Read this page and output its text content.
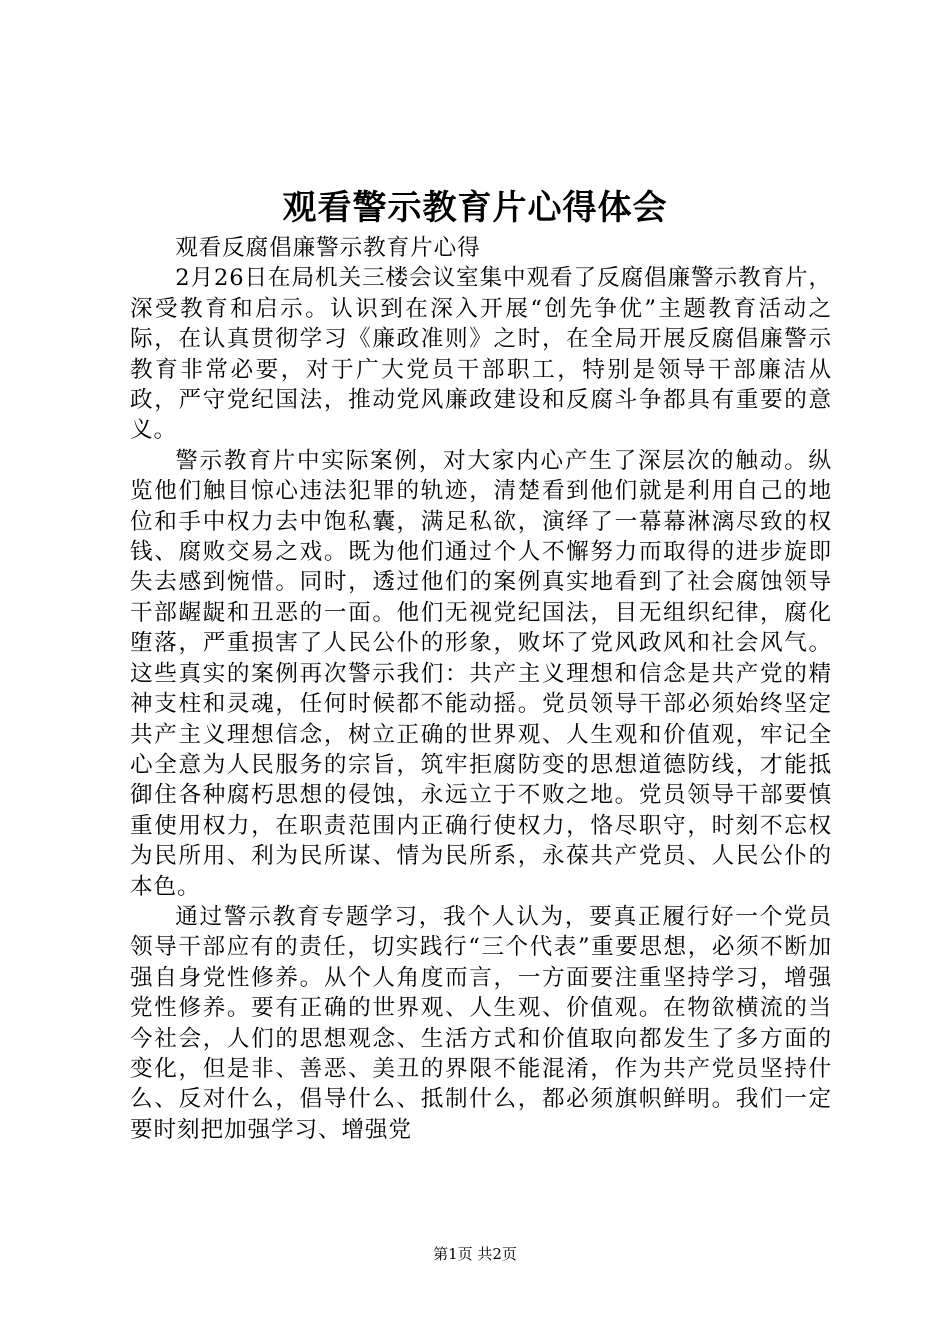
观看警示教育片心得体会

观看反腐倡廉警示教育片心得

2月26日在局机关三楼会议室集中观看了反腐倡廉警示教育片，深受教育和启示。认识到在深入开展“创先争优”主题教育活动之际，在认真贯彻学习《廉政准则》之时，在全局开展反腐倡廉警示教育非常必要，对于广大党员干部职工，特别是领导干部廉洁从政，严守党纪国法，推动党风廉政建设和反腐斗争都具有重要的意义。

警示教育片中实际案例，对大家内心产生了深层次的触动。纵览他们触目惊心违法犯罪的轨迹，清楚看到他们就是利用自己的地位和手中权力去中饱私囊，满足私欲，演绎了一幕幕淋漓尽致的权钱、腐败交易之戏。既为他们通过个人不懈努力而取得的进步旋即失去感到惋惜。同时，透过他们的案例真实地看到了社会腐蚀领导干部龌龊和丑恶的一面。他们无视党纪国法，目无组织纪律，腐化堕落，严重损害了人民公仆的形象，败坏了党风政风和社会风气。这些真实的案例再次警示我们：共产主义理想和信念是共产党的精神支柱和灵魂，任何时候都不能动摇。党员领导干部必须始终坚定共产主义理想信念，树立正确的世界观、人生观和价值观，牢记全心全意为人民服务的宗旨，筑牢拒腐防变的思想道德防线，才能抵御住各种腐朽思想的侵蚀，永远立于不败之地。党员领导干部要慎重使用权力，在职责范围内正确行使权力，恪尽职守，时刻不忘权为民所用、利为民所谋、情为民所系，永葆共产党员、人民公仆的本色。

通过警示教育专题学习，我个人认为，要真正履行好一个党员领导干部应有的责任，切实践行“三个代表”重要思想，必须不断加强自身党性修养。从个人角度而言，一方面要注重坚持学习，增强党性修养。要有正确的世界观、人生观、价值观。在物欲横流的当今社会，人们的思想观念、生活方式和价值取向都发生了多方面的变化，但是非、善恶、美丑的界限不能混淆，作为共产党员坚持什么、反对什么，倡导什么、抵制什么，都必须旗帜鲜明。我们一定要时刻把加强学习、增强党

第1页 共2页
